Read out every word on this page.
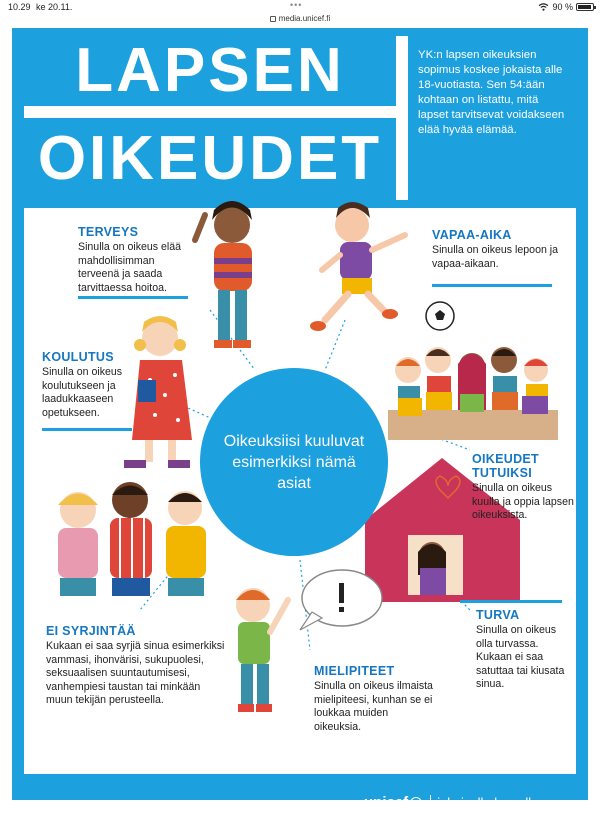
10.29 ke 20.11.	•••	90 %
media.unicef.fi
LAPSEN
OIKEUDET
YK:n lapsen oikeuksien sopimus koskee jokaista alle 18-vuotiasta. Sen 54:ään kohtaan on listattu, mitä lapset tarvitsevat voidakseen elää hyvää elämää.
unicef.fi	unicef jokaiselle lapselle
Oikeuksiisi kuuluvat esimerkiksi nämä asiat
TERVEYS
Sinulla on oikeus elää mahdollisimman terveenä ja saada tarvittaessa hoitoa.
VAPAA-AIKA
Sinulla on oikeus lepoon ja vapaa-aikaan.
KOULUTUS
Sinulla on oikeus koulutukseen ja laadukkaaseen opetukseen.
OIKEUDET
TUTUIKSI
Sinulla on oikeus kuulla ja oppia lapsen oikeuksista.
EI SYRJINTÄÄ
Kukaan ei saa syrjiä sinua esimerkiksi vammasi, ihonvärisi, sukupuolesi, seksuaalisen suuntautumisesi, vanhempiesi taustan tai minkään muun tekijän perusteella.
TURVA
Sinulla on oikeus olla turvassa. Kukaan ei saa satuttaa tai kiusata sinua.
MIELIPITEET
Sinulla on oikeus ilmaista mielipiteesi, kunhan se ei loukkaa muiden oikeuksia.
